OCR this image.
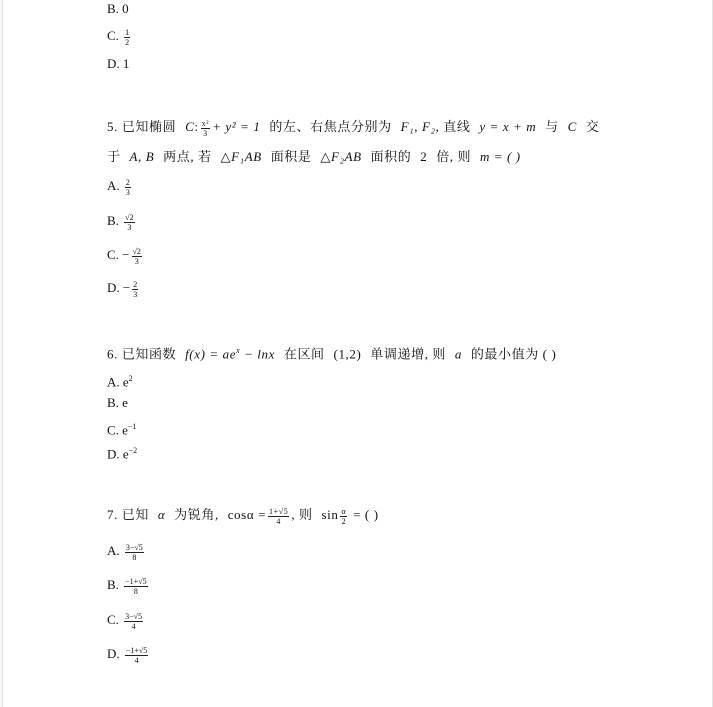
B. 0
C. $\frac{1}{2}$
D. 1
5. 已知椭圆 C: $\frac{\text{x²}}{3} + y^2 = 1$ 的左、右焦点分别为 F₁, F₂, 直线 y = x + m 与 C 交
于 A, B 两点, 若 △F₁AB 面积是 △F₂AB 面积的 2 倍, 则 m = ( )
A. $\frac{2}{3}$
B. $\frac{√2}{3}$
C. − $\frac{√2}{3}$
D. − $\frac{2}{3}$
6. 已知函数 $f(x) = ae^x - \ln x$ 在区间 (1,2) 单调递增, 则 a 的最小值为 ( )
A. $e^2$
B. e
C. $e^{-1}$
D. $e^{-2}$
7. 已知 α 为锐角, $\cos\alpha = \frac{1+√5}{4}$ , 则 $\sin \frac{\alpha}{2}$ = ( )
A. $\frac{3-√5}{8}$
B. $\frac{-1+√5}{8}$
C. $\frac{3-√5}{4}$
D. $\frac{-1+√5}{4}$
